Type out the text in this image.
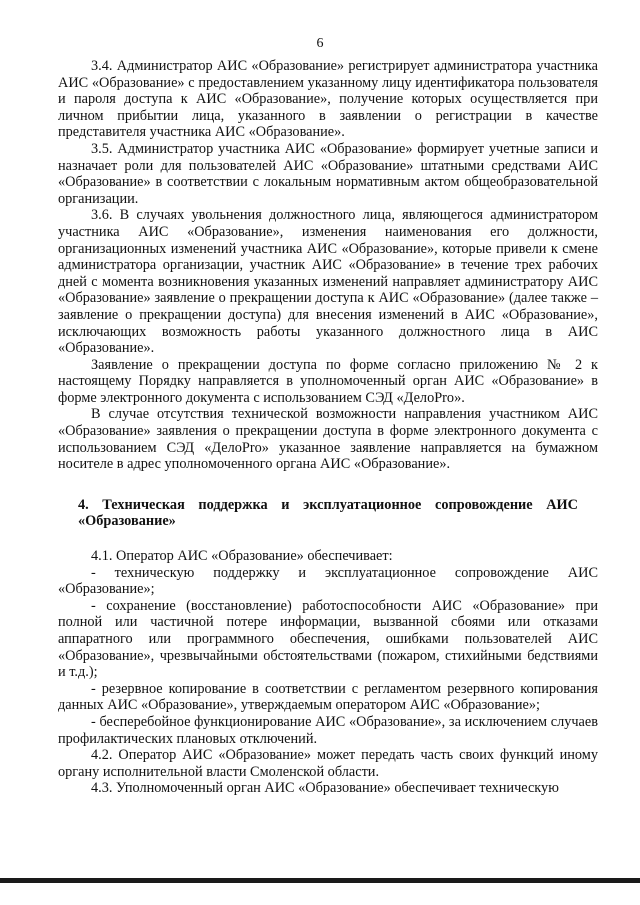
6

3.4. Администратор АИС «Образование» регистрирует администратора участника АИС «Образование» с предоставлением указанному лицу идентификатора пользователя и пароля доступа к АИС «Образование», получение которых осуществляется при личном прибытии лица, указанного в заявлении о регистрации в качестве представителя участника АИС «Образование».

3.5. Администратор участника АИС «Образование» формирует учетные записи и назначает роли для пользователей АИС «Образование» штатными средствами АИС «Образование» в соответствии с локальным нормативным актом общеобразовательной организации.

3.6. В случаях увольнения должностного лица, являющегося администратором участника АИС «Образование», изменения наименования его должности, организационных изменений участника АИС «Образование», которые привели к смене администратора организации, участник АИС «Образование» в течение трех рабочих дней с момента возникновения указанных изменений направляет администратору АИС «Образование» заявление о прекращении доступа к АИС «Образование» (далее также – заявление о прекращении доступа) для внесения изменений в АИС «Образование», исключающих возможность работы указанного должностного лица в АИС «Образование».

Заявление о прекращении доступа по форме согласно приложению № 2 к настоящему Порядку направляется в уполномоченный орган АИС «Образование» в форме электронного документа с использованием СЭД «ДелоPro».

В случае отсутствия технической возможности направления участником АИС «Образование» заявления о прекращении доступа в форме электронного документа с использованием СЭД «ДелоPro» указанное заявление направляется на бумажном носителе в адрес уполномоченного органа АИС «Образование».

4. Техническая поддержка и эксплуатационное сопровождение АИС «Образование»

4.1. Оператор АИС «Образование» обеспечивает:

- техническую поддержку и эксплуатационное сопровождение АИС «Образование»;

- сохранение (восстановление) работоспособности АИС «Образование» при полной или частичной потере информации, вызванной сбоями или отказами аппаратного или программного обеспечения, ошибками пользователей АИС «Образование», чрезвычайными обстоятельствами (пожаром, стихийными бедствиями и т.д.);

- резервное копирование в соответствии с регламентом резервного копирования данных АИС «Образование», утверждаемым оператором АИС «Образование»;

- бесперебойное функционирование АИС «Образование», за исключением случаев профилактических плановых отключений.

4.2. Оператор АИС «Образование» может передать часть своих функций иному органу исполнительной власти Смоленской области.

4.3. Уполномоченный орган АИС «Образование» обеспечивает техническую
